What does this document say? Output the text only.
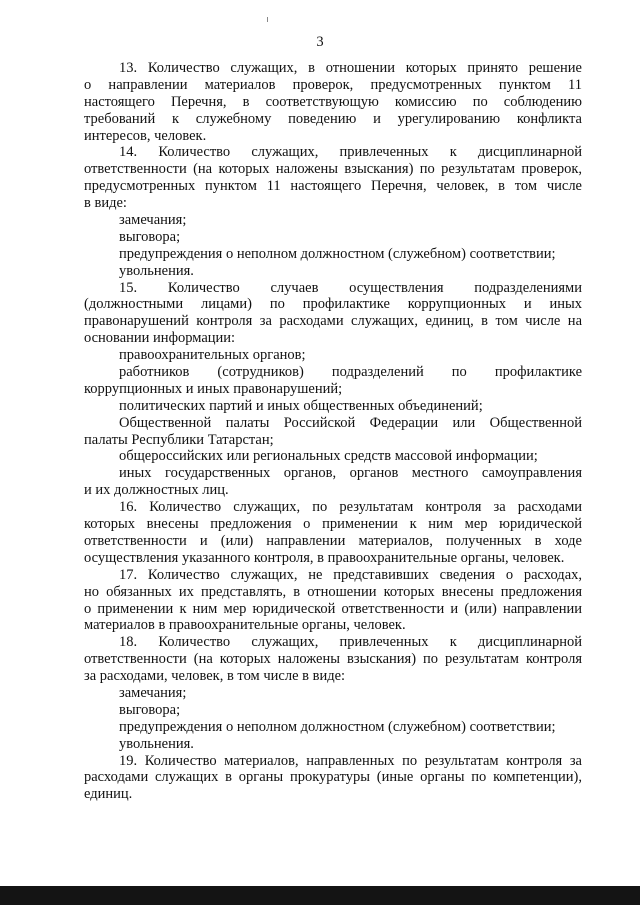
3
13. Количество служащих, в отношении которых принято решение
о направлении материалов проверок, предусмотренных пунктом 11
настоящего Перечня, в соответствующую комиссию по соблюдению
требований к служебному поведению и урегулированию конфликта
интересов, человек.
14. Количество служащих, привлеченных к дисциплинарной
ответственности (на которых наложены взыскания) по результатам проверок,
предусмотренных пунктом 11 настоящего Перечня, человек, в том числе
в виде:
замечания;
выговора;
предупреждения о неполном должностном (служебном) соответствии;
увольнения.
15. Количество случаев осуществления подразделениями
(должностными лицами) по профилактике коррупционных и иных
правонарушений контроля за расходами служащих, единиц, в том числе на
основании информации:
правоохранительных органов;
работников (сотрудников) подразделений по профилактике
коррупционных и иных правонарушений;
политических партий и иных общественных объединений;
Общественной палаты Российской Федерации или Общественной
палаты Республики Татарстан;
общероссийских или региональных средств массовой информации;
иных государственных органов, органов местного самоуправления
и их должностных лиц.
16. Количество служащих, по результатам контроля за расходами
которых внесены предложения о применении к ним мер юридической
ответственности и (или) направлении материалов, полученных в ходе
осуществления указанного контроля, в правоохранительные органы, человек.
17. Количество служащих, не представивших сведения о расходах,
но обязанных их представлять, в отношении которых внесены предложения
о применении к ним мер юридической ответственности и (или) направлении
материалов в правоохранительные органы, человек.
18. Количество служащих, привлеченных к дисциплинарной
ответственности (на которых наложены взыскания) по результатам контроля
за расходами, человек, в том числе в виде:
замечания;
выговора;
предупреждения о неполном должностном (служебном) соответствии;
увольнения.
19. Количество материалов, направленных по результатам контроля за
расходами служащих в органы прокуратуры (иные органы по компетенции),
единиц.
